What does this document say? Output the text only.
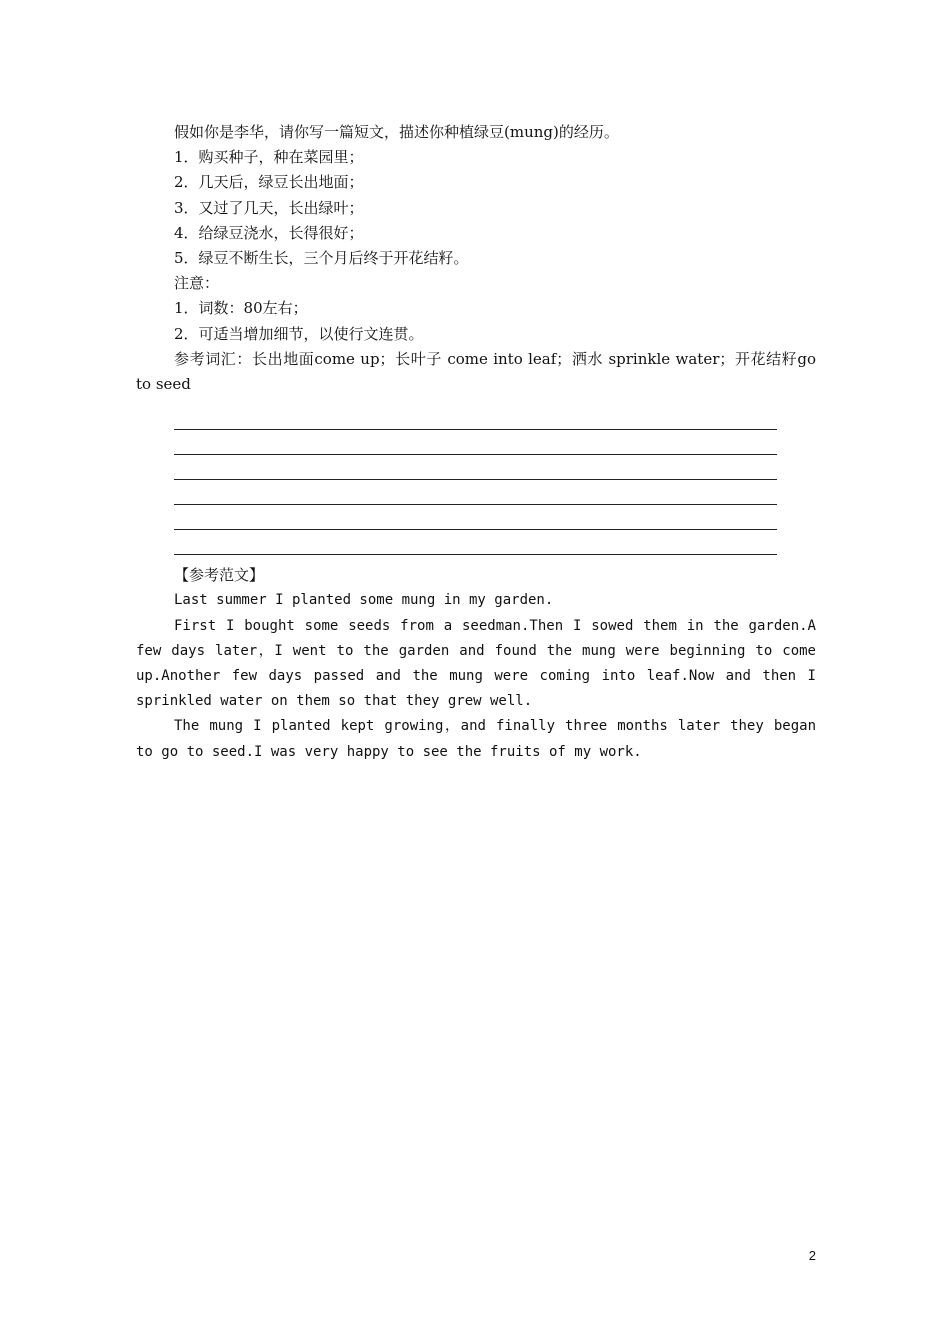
假如你是李华，请你写一篇短文，描述你种植绿豆(mung)的经历。

1．购买种子，种在菜园里；

2．几天后，绿豆长出地面；

3．又过了几天，长出绿叶；

4．给绿豆浇水，长得很好；

5．绿豆不断生长，三个月后终于开花结籽。

注意：

1．词数：80左右；

2．可适当增加细节，以使行文连贯。

参考词汇：长出地面come up；长叶子 come into leaf；洒水 sprinkle water；开花结籽go to seed

【参考范文】

Last summer I planted some mung in my garden.

First I bought some seeds from a seedman.Then I sowed them in the garden.A few days later，I went to the garden and found the mung were beginning to come up.Another few days passed and the mung were coming into leaf.Now and then I sprinkled water on them so that they grew well.

The mung I planted kept growing，and finally three months later they began to go to seed.I was very happy to see the fruits of my work.

2
